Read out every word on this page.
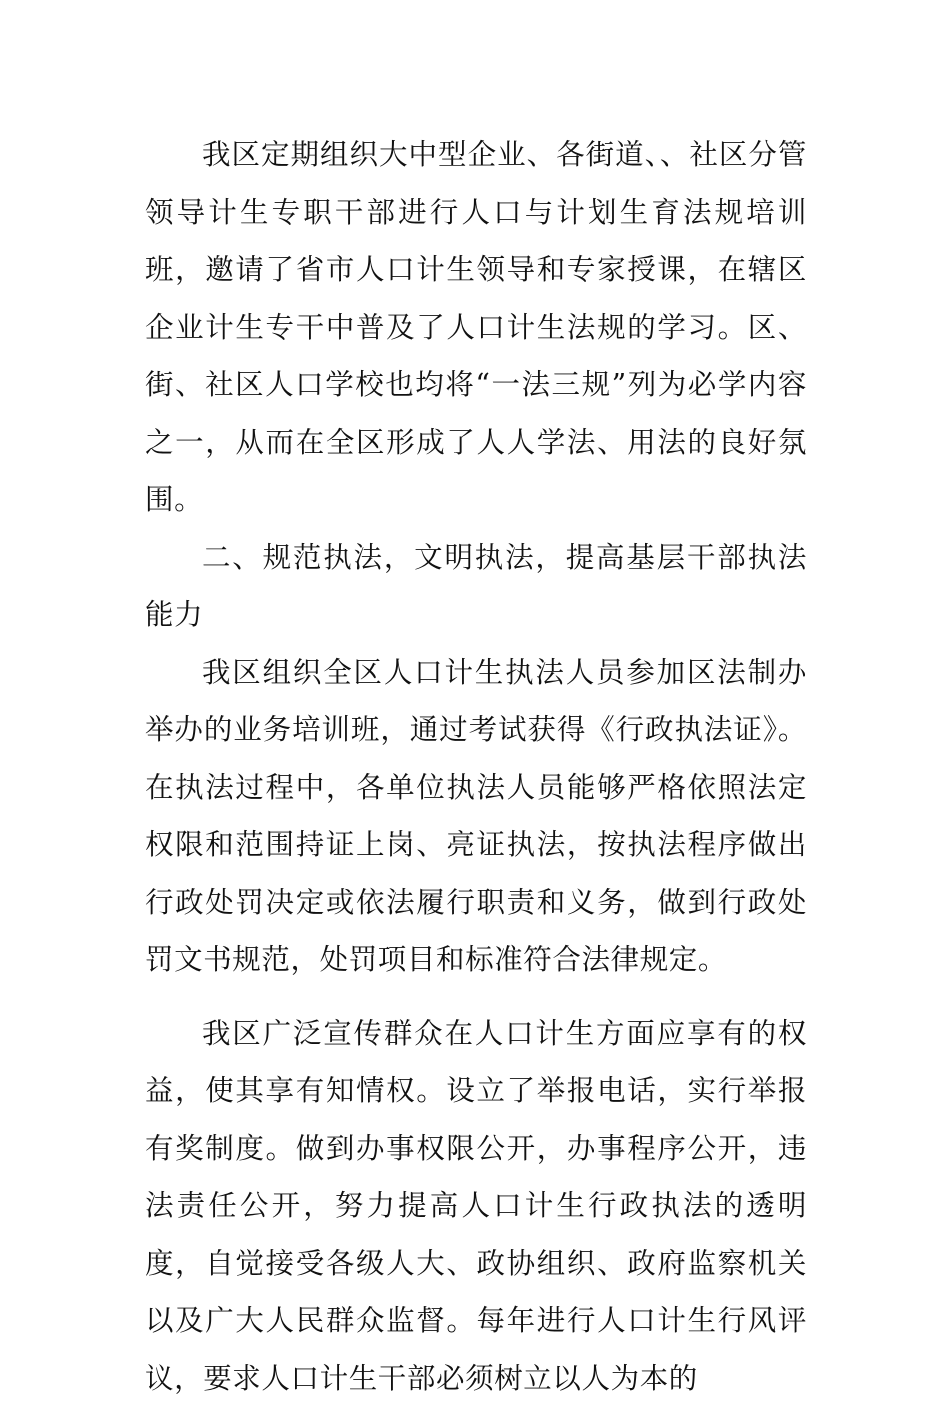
我区定期组织大中型企业、各街道、、社区分管领导计生专职干部进行人口与计划生育法规培训班，邀请了省市人口计生领导和专家授课，在辖区企业计生专干中普及了人口计生法规的学习。区、街、社区人口学校也均将“一法三规”列为必学内容之一，从而在全区形成了人人学法、用法的良好氛围。

二、规范执法，文明执法，提高基层干部执法能力

我区组织全区人口计生执法人员参加区法制办举办的业务培训班，通过考试获得《行政执法证》。在执法过程中，各单位执法人员能够严格依照法定权限和范围持证上岗、亮证执法，按执法程序做出行政处罚决定或依法履行职责和义务，做到行政处罚文书规范，处罚项目和标准符合法律规定。

我区广泛宣传群众在人口计生方面应享有的权益，使其享有知情权。设立了举报电话，实行举报有奖制度。做到办事权限公开，办事程序公开，违法责任公开，努力提高人口计生行政执法的透明度，自觉接受各级人大、政协组织、政府监察机关以及广大人民群众监督。每年进行人口计生行风评议，要求人口计生干部必须树立以人为本的
